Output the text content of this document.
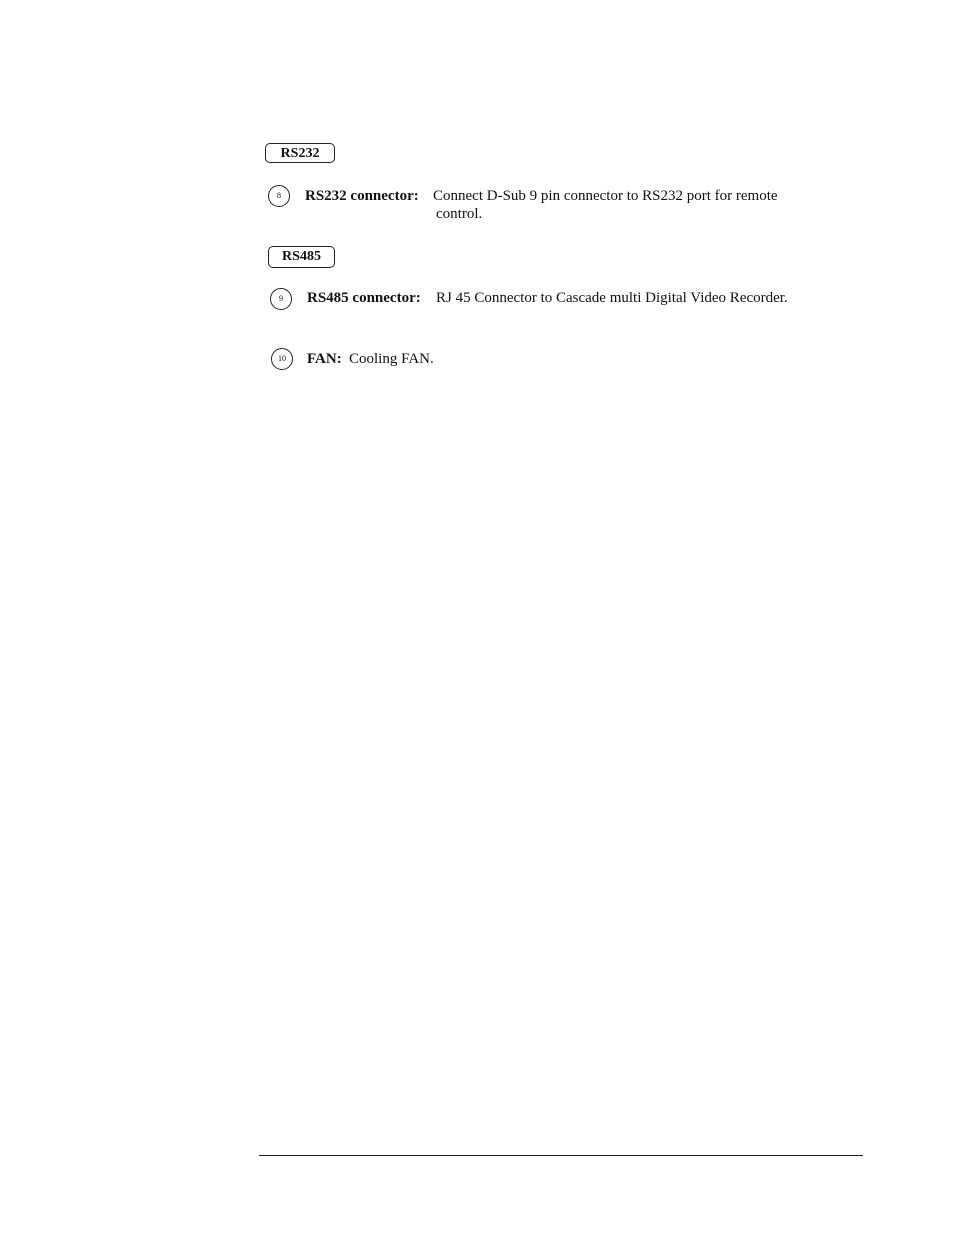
RS232
8	RS232 connector: Connect D-Sub 9 pin connector to RS232 port for remote
control.
RS485
9	RS485 connector: RJ 45 Connector to Cascade multi Digital Video Recorder.
10	FAN: Cooling FAN.
